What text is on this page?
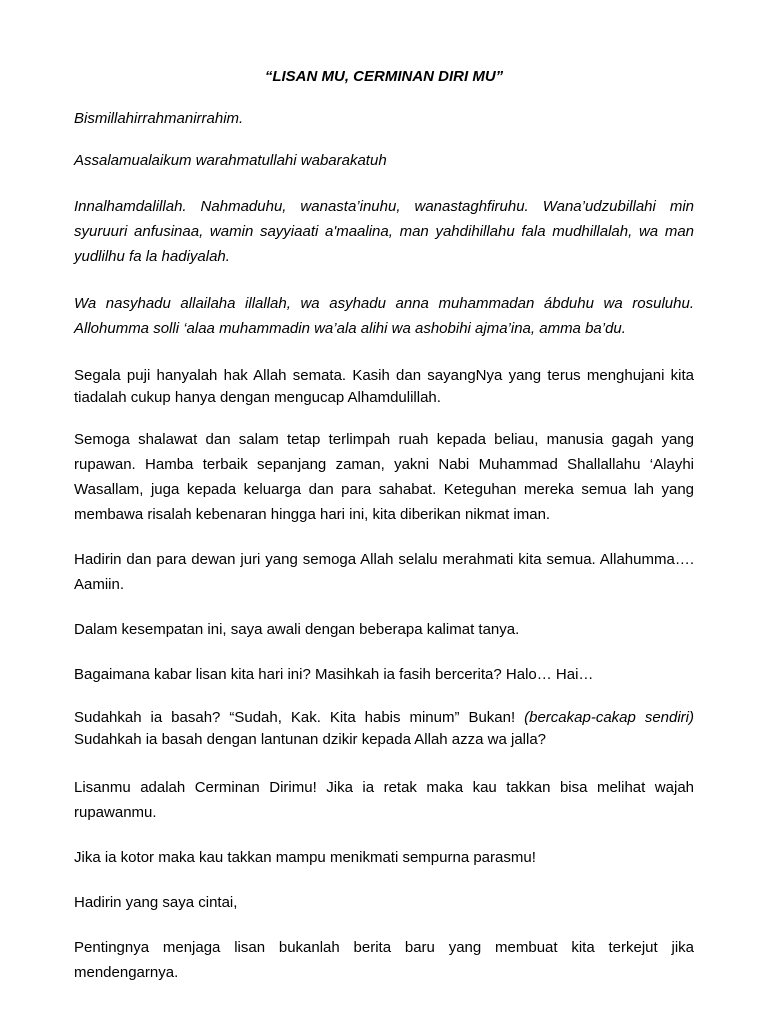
“LISAN MU, CERMINAN DIRI MU”

Bismillahirrahmanirrahim.

Assalamualaikum warahmatullahi wabarakatuh

Innalhamdalillah. Nahmaduhu, wanasta’inuhu, wanastaghfiruhu. Wana’udzubillahi min syuruuri anfusinaa, wamin sayyiaati a'maalina, man yahdihillahu fala mudhillalah, wa man yudlilhu fa la hadiyalah.

Wa nasyhadu allailaha illallah, wa asyhadu anna muhammadan ábduhu wa rosuluhu. Allohumma solli ‘alaa muhammadin wa’ala alihi wa ashobihi ajma’ina, amma ba’du.

Segala puji hanyalah hak Allah semata. Kasih dan sayangNya yang terus menghujani kita tiadalah cukup hanya dengan mengucap Alhamdulillah.

Semoga shalawat dan salam tetap terlimpah ruah kepada beliau, manusia gagah yang rupawan. Hamba terbaik sepanjang zaman, yakni Nabi Muhammad Shallallahu ‘Alayhi Wasallam, juga kepada keluarga dan para sahabat. Keteguhan mereka semua lah yang membawa risalah kebenaran hingga hari ini, kita diberikan nikmat iman.

Hadirin dan para dewan juri yang semoga Allah selalu merahmati kita semua. Allahumma…. Aamiin.

Dalam kesempatan ini, saya awali dengan beberapa kalimat tanya.

Bagaimana kabar lisan kita hari ini? Masihkah ia fasih bercerita? Halo… Hai…

Sudahkah ia basah? “Sudah, Kak. Kita habis minum” Bukan! (bercakap-cakap sendiri) Sudahkah ia basah dengan lantunan dzikir kepada Allah azza wa jalla?

Lisanmu adalah Cerminan Dirimu! Jika ia retak maka kau takkan bisa melihat wajah rupawanmu.

Jika ia kotor maka kau takkan mampu menikmati sempurna parasmu!

Hadirin yang saya cintai,

Pentingnya menjaga lisan bukanlah berita baru yang membuat kita terkejut jika mendengarnya.
